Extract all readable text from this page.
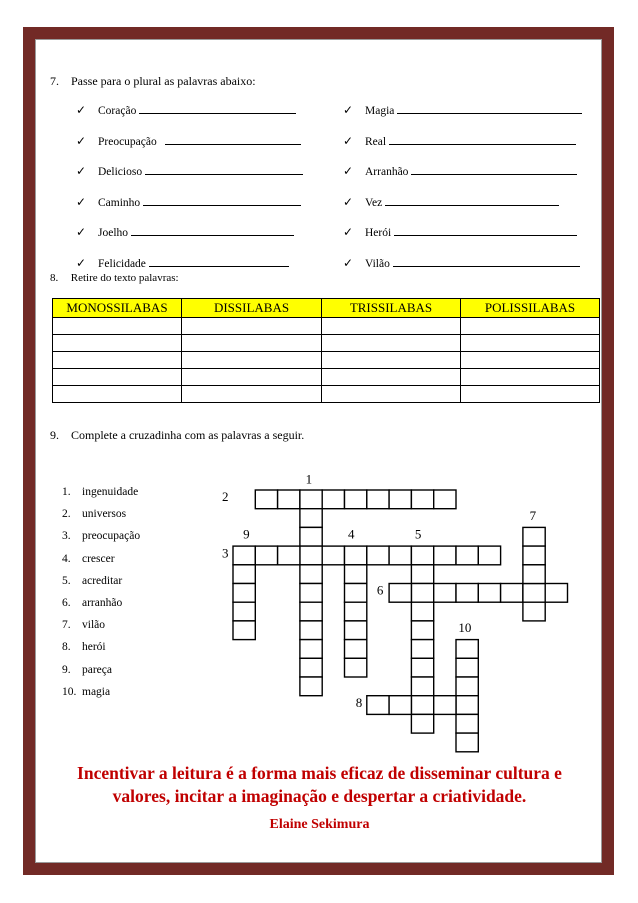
7. Passe para o plural as palavras abaixo:
✓ Coração
✓ Preocupação
✓ Delicioso
✓ Caminho
✓ Joelho
✓ Felicidade
✓ Magia
✓ Real
✓ Arranhão
✓ Vez
✓ Herói
✓ Vilão
8. Retire do texto palavras:
MONOSSILABAS	DISSILABAS	TRISSILABAS	POLISSILABAS

9. Complete a cruzadinha com as palavras a seguir.
1. ingenuidade
2. universos
3. preocupação
4. crescer
5. acreditar
6. arranhão
7. vilão
8. herói
9. pareça
10. magia
1
2
3
4	5
6
7
8
9
10
Incentivar a leitura é a forma mais eficaz de disseminar cultura e
valores, incitar a imaginação e despertar a criatividade.
Elaine Sekimura
